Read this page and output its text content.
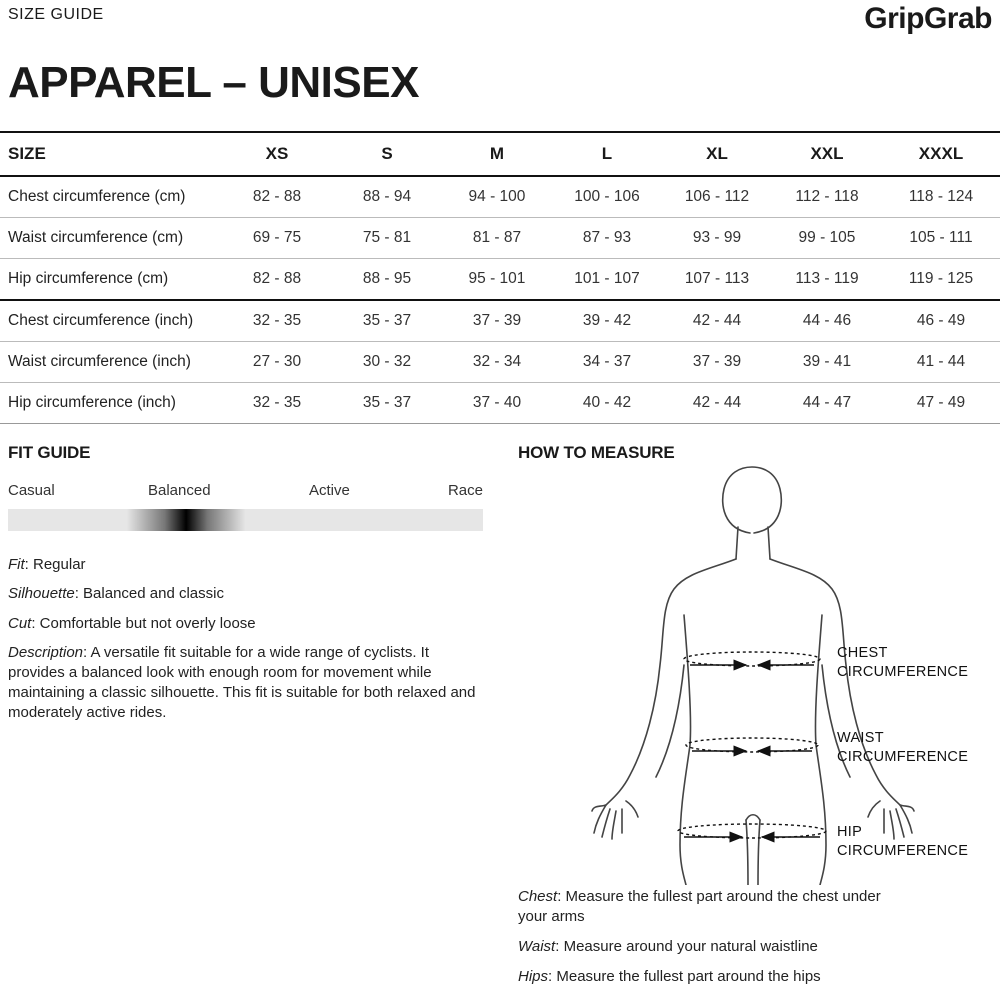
SIZE GUIDE	GripGrab
APPAREL – UNISEX
SIZE	XS	S	M	L	XL	XXL	XXXL
Chest circumference (cm)	82 - 88	88 - 94	94 - 100	100 - 106	106 - 112	112 - 118	118 - 124
Waist circumference (cm)	69 - 75	75 - 81	81 - 87	87 - 93	93 - 99	99 - 105	105 - 111
Hip circumference (cm)	82 - 88	88 - 95	95 - 101	101 - 107	107 - 113	113 - 119	119 - 125
Chest circumference (inch)	32 - 35	35 - 37	37 - 39	39 - 42	42 - 44	44 - 46	46 - 49
Waist circumference (inch)	27 - 30	30 - 32	32 - 34	34 - 37	37 - 39	39 - 41	41 - 44
Hip circumference (inch)	32 - 35	35 - 37	37 - 40	40 - 42	42 - 44	44 - 47	47 - 49
FIT GUIDE
Casual	Balanced	Active	Race
Fit: Regular
Silhouette: Balanced and classic
Cut: Comfortable but not overly loose
Description: A versatile fit suitable for a wide range of cyclists. It provides a balanced look with enough room for movement while maintaining a classic silhouette. This fit is suitable for both relaxed and moderately active rides.
HOW TO MEASURE
CHEST
CIRCUMFERENCE
WAIST
CIRCUMFERENCE
HIP
CIRCUMFERENCE
Chest: Measure the fullest part around the chest under your arms
Waist: Measure around your natural waistline
Hips: Measure the fullest part around the hips
